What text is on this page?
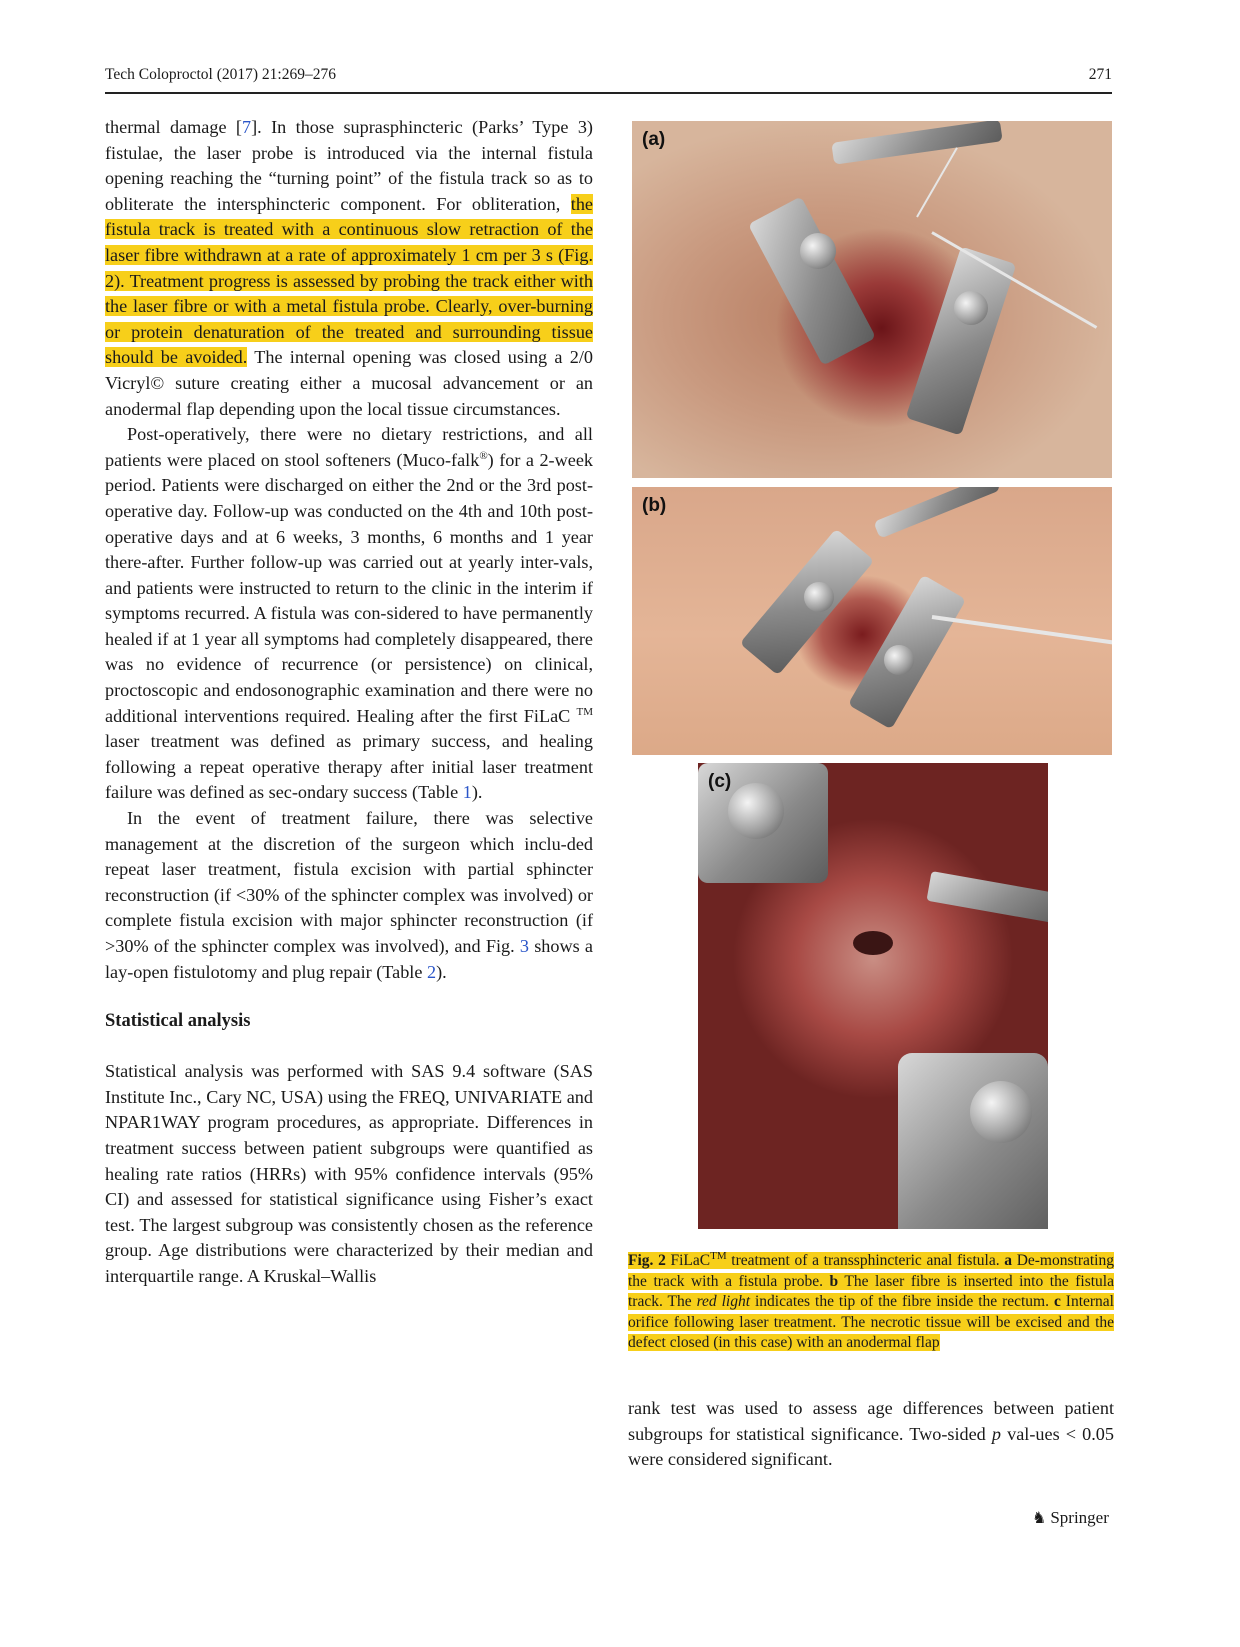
Tech Coloproctol (2017) 21:269–276	271

thermal damage [7]. In those suprasphincteric (Parks’ Type 3) fistulae, the laser probe is introduced via the internal fistula opening reaching the “turning point” of the fistula track so as to obliterate the intersphincteric component. For obliteration, the fistula track is treated with a continuous slow retraction of the laser fibre withdrawn at a rate of approximately 1 cm per 3 s (Fig. 2). Treatment progress is assessed by probing the track either with the laser fibre or with a metal fistula probe. Clearly, over-burning or protein denaturation of the treated and surrounding tissue should be avoided. The internal opening was closed using a 2/0 Vicryl© suture creating either a mucosal advancement or an anodermal flap depending upon the local tissue circumstances.

Post-operatively, there were no dietary restrictions, and all patients were placed on stool softeners (Muco-falk®) for a 2-week period. Patients were discharged on either the 2nd or the 3rd post-operative day. Follow-up was conducted on the 4th and 10th post-operative days and at 6 weeks, 3 months, 6 months and 1 year there-after. Further follow-up was carried out at yearly inter-vals, and patients were instructed to return to the clinic in the interim if symptoms recurred. A fistula was con-sidered to have permanently healed if at 1 year all symptoms had completely disappeared, there was no evidence of recurrence (or persistence) on clinical, proctoscopic and endosonographic examination and there were no additional interventions required. Healing after the first FiLaC ™ laser treatment was defined as primary success, and healing following a repeat operative therapy after initial laser treatment failure was defined as sec-ondary success (Table 1).

In the event of treatment failure, there was selective management at the discretion of the surgeon which inclu-ded repeat laser treatment, fistula excision with partial sphincter reconstruction (if <30% of the sphincter complex was involved) or complete fistula excision with major sphincter reconstruction (if >30% of the sphincter complex was involved), and Fig. 3 shows a lay-open fistulotomy and plug repair (Table 2).

Statistical analysis

Statistical analysis was performed with SAS 9.4 software (SAS Institute Inc., Cary NC, USA) using the FREQ, UNIVARIATE and NPAR1WAY program procedures, as appropriate. Differences in treatment success between patient subgroups were quantified as healing rate ratios (HRRs) with 95% confidence intervals (95% CI) and assessed for statistical significance using Fisher’s exact test. The largest subgroup was consistently chosen as the reference group. Age distributions were characterized by their median and interquartile range. A Kruskal–Wallis

(a)
(b)
(c)
Fig. 2 FiLaC™ treatment of a transsphincteric anal fistula. a De-monstrating the track with a fistula probe. b The laser fibre is inserted into the fistula track. The red light indicates the tip of the fibre inside the rectum. c Internal orifice following laser treatment. The necrotic tissue will be excised and the defect closed (in this case) with an anodermal flap

rank test was used to assess age differences between patient subgroups for statistical significance. Two-sided p val-ues < 0.05 were considered significant.

♞ Springer
